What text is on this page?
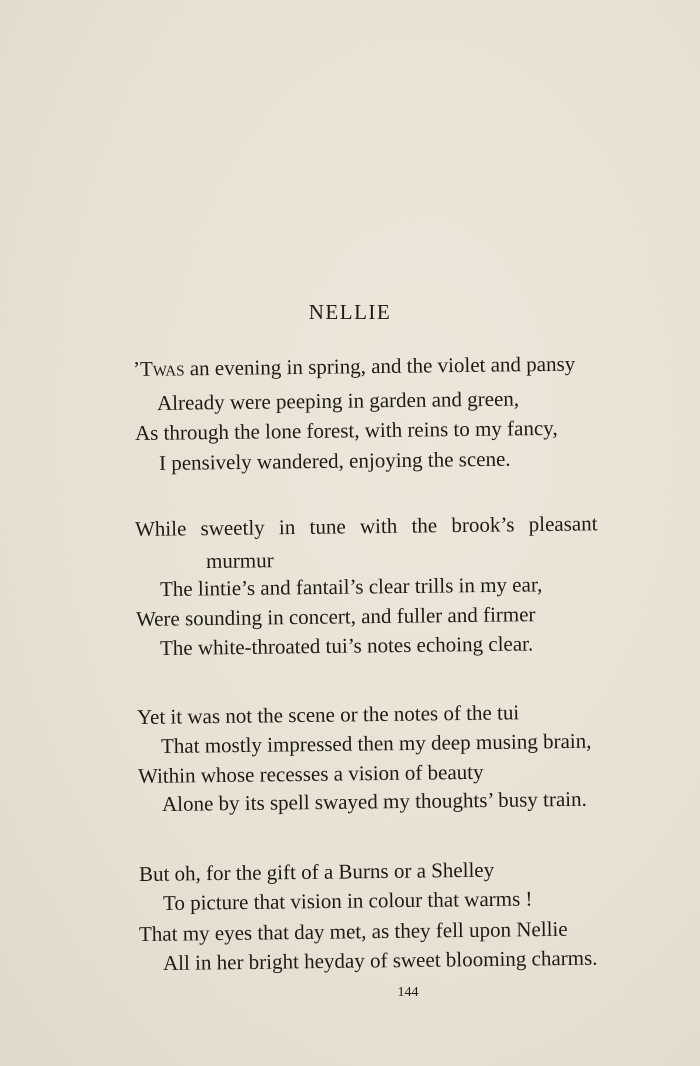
NELLIE
’Twas an evening in spring, and the violet and pansy
Already were peeping in garden and green,
As through the lone forest, with reins to my fancy,
I pensively wandered, enjoying the scene.
While sweetly in tune with the brook’s pleasant
murmur
The lintie’s and fantail’s clear trills in my ear,
Were sounding in concert, and fuller and firmer
The white-throated tui’s notes echoing clear.
Yet it was not the scene or the notes of the tui
That mostly impressed then my deep musing brain,
Within whose recesses a vision of beauty
Alone by its spell swayed my thoughts’ busy train.
But oh, for the gift of a Burns or a Shelley
To picture that vision in colour that warms !
That my eyes that day met, as they fell upon Nellie
All in her bright heyday of sweet blooming charms.
144
